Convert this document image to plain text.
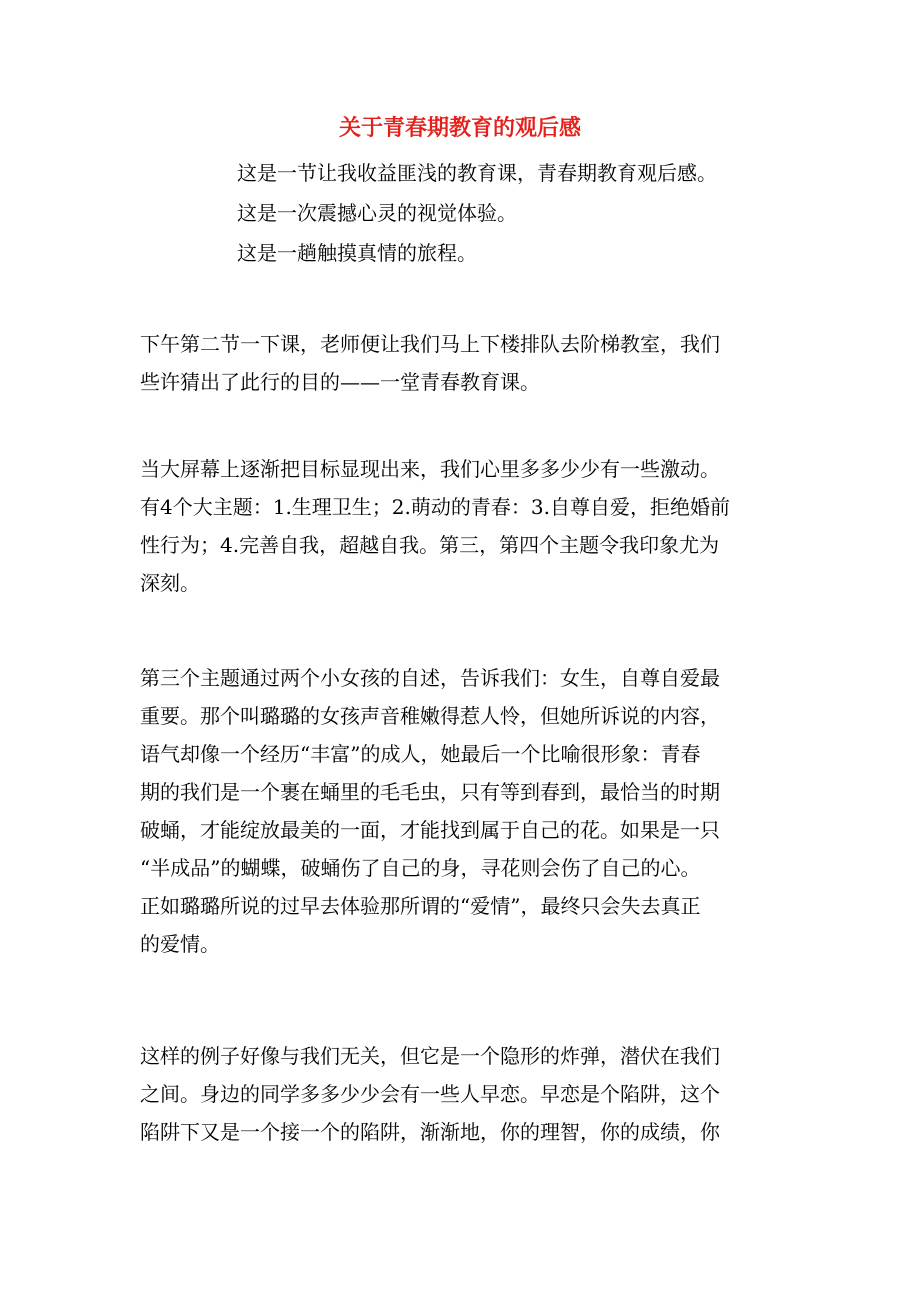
关于青春期教育的观后感
这是一节让我收益匪浅的教育课，青春期教育观后感。
这是一次震撼心灵的视觉体验。
这是一趟触摸真情的旅程。
下午第二节一下课，老师便让我们马上下楼排队去阶梯教室，我们
些许猜出了此行的目的——一堂青春教育课。
当大屏幕上逐渐把目标显现出来，我们心里多多少少有一些激动。
有4个大主题：1.生理卫生；2.萌动的青春：3.自尊自爱，拒绝婚前
性行为；4.完善自我，超越自我。第三，第四个主题令我印象尤为
深刻。
第三个主题通过两个小女孩的自述，告诉我们：女生，自尊自爱最
重要。那个叫璐璐的女孩声音稚嫩得惹人怜，但她所诉说的内容，
语气却像一个经历“丰富”的成人，她最后一个比喻很形象：青春
期的我们是一个裹在蛹里的毛毛虫，只有等到春到，最恰当的时期
破蛹，才能绽放最美的一面，才能找到属于自己的花。如果是一只
“半成品”的蝴蝶，破蛹伤了自己的身，寻花则会伤了自己的心。
正如璐璐所说的过早去体验那所谓的“爱情”，最终只会失去真正
的爱情。
这样的例子好像与我们无关，但它是一个隐形的炸弹，潜伏在我们
之间。身边的同学多多少少会有一些人早恋。早恋是个陷阱，这个
陷阱下又是一个接一个的陷阱，渐渐地，你的理智，你的成绩，你
